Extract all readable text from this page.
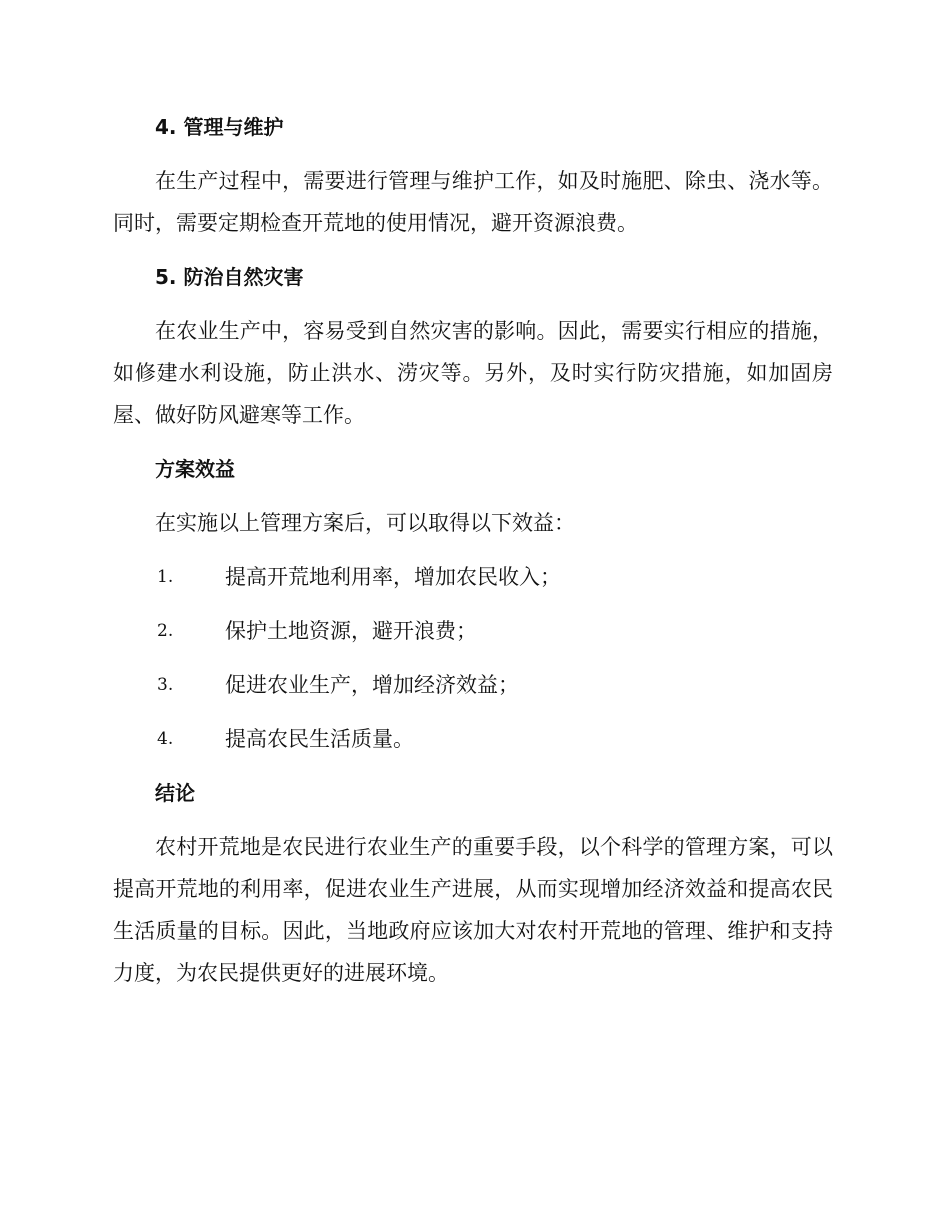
4. 管理与维护

在生产过程中，需要进行管理与维护工作，如及时施肥、除虫、浇水等。同时，需要定期检查开荒地的使用情况，避开资源浪费。

5. 防治自然灾害

在农业生产中，容易受到自然灾害的影响。因此，需要实行相应的措施，如修建水利设施，防止洪水、涝灾等。另外，及时实行防灾措施，如加固房屋、做好防风避寒等工作。

方案效益

在实施以上管理方案后，可以取得以下效益：

1.	提高开荒地利用率，增加农民收入；
2.	保护土地资源，避开浪费；
3.	促进农业生产，增加经济效益；
4.	提高农民生活质量。
结论

农村开荒地是农民进行农业生产的重要手段，以个科学的管理方案，可以提高开荒地的利用率，促进农业生产进展，从而实现增加经济效益和提高农民生活质量的目标。因此，当地政府应该加大对农村开荒地的管理、维护和支持力度，为农民提供更好的进展环境。
